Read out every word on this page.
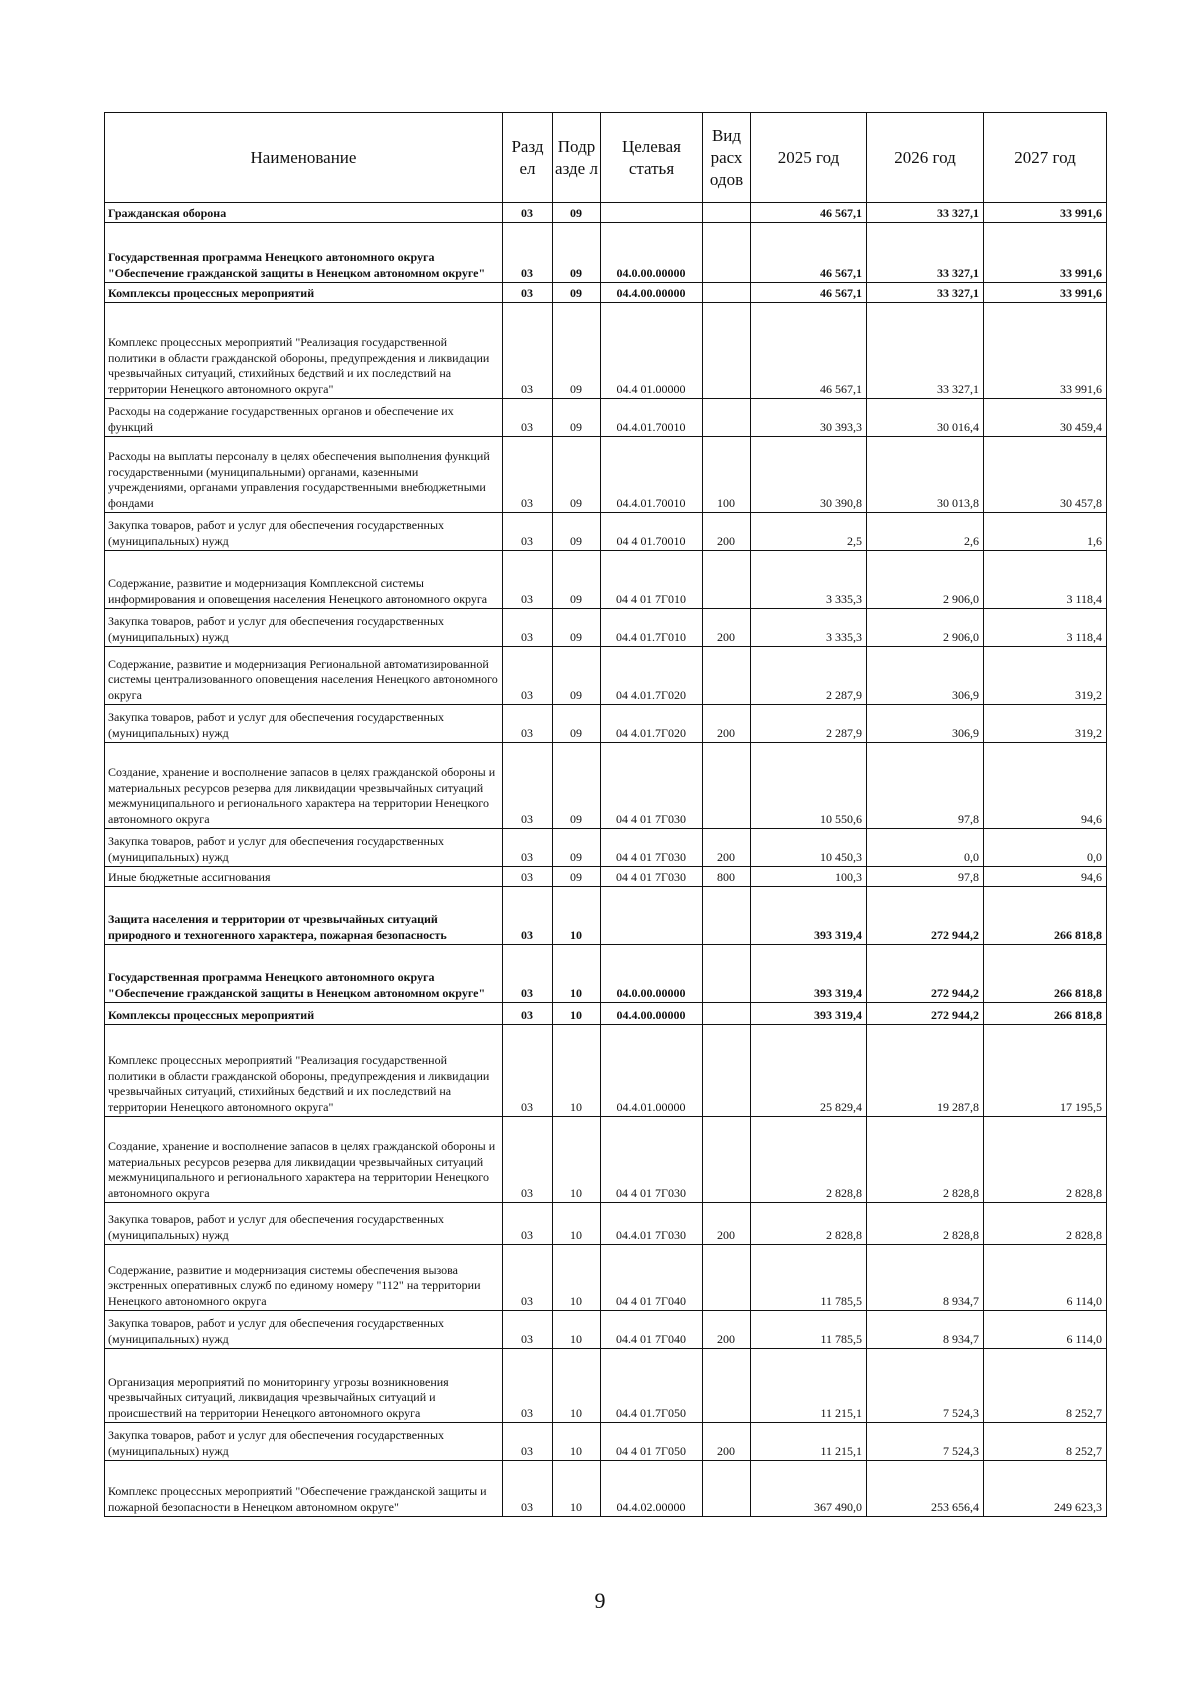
Наименование	Разд ел	Подр азде л	Целевая статья	Вид расх одов	2025 год	2026 год	2027 год
Гражданская оборона	03	09			46 567,1	33 327,1	33 991,6
Государственная программа Ненецкого автономного округа "Обеспечение гражданской защиты в Ненецком автономном округе"	03	09	04.0.00.00000		46 567,1	33 327,1	33 991,6
Комплексы процессных мероприятий	03	09	04.4.00.00000		46 567,1	33 327,1	33 991,6
Комплекс процессных мероприятий "Реализация государственной политики в области гражданской обороны, предупреждения и ликвидации чрезвычайных ситуаций, стихийных бедствий и их последствий на территории Ненецкого автономного округа"	03	09	04.4 01.00000		46 567,1	33 327,1	33 991,6
Расходы на содержание государственных органов и обеспечение их функций	03	09	04.4.01.70010		30 393,3	30 016,4	30 459,4
Расходы на выплаты персоналу в целях обеспечения выполнения функций государственными (муниципальными) органами, казенными учреждениями, органами управления государственными внебюджетными фондами	03	09	04.4.01.70010	100	30 390,8	30 013,8	30 457,8
Закупка товаров, работ и услуг для обеспечения государственных (муниципальных) нужд	03	09	04 4 01.70010	200	2,5	2,6	1,6
Содержание, развитие и модернизация Комплексной системы информирования и оповещения населения Ненецкого автономного округа	03	09	04 4 01 7Г010		3 335,3	2 906,0	3 118,4
Закупка товаров, работ и услуг для обеспечения государственных (муниципальных) нужд	03	09	04.4 01.7Г010	200	3 335,3	2 906,0	3 118,4
Содержание, развитие и модернизация Региональной автоматизированной системы централизованного оповещения населения Ненецкого автономного округа	03	09	04 4.01.7Г020		2 287,9	306,9	319,2
Закупка товаров, работ и услуг для обеспечения государственных (муниципальных) нужд	03	09	04 4.01.7Г020	200	2 287,9	306,9	319,2
Создание, хранение и восполнение запасов в целях гражданской обороны и материальных ресурсов резерва для ликвидации чрезвычайных ситуаций межмуниципального и регионального характера на территории Ненецкого автономного округа	03	09	04 4 01 7Г030		10 550,6	97,8	94,6
Закупка товаров, работ и услуг для обеспечения государственных (муниципальных) нужд	03	09	04 4 01 7Г030	200	10 450,3	0,0	0,0
Иные бюджетные ассигнования	03	09	04 4 01 7Г030	800	100,3	97,8	94,6
Защита населения и территории от чрезвычайных ситуаций природного и техногенного характера, пожарная безопасность	03	10			393 319,4	272 944,2	266 818,8
Государственная программа Ненецкого автономного округа "Обеспечение гражданской защиты в Ненецком автономном округе"	03	10	04.0.00.00000		393 319,4	272 944,2	266 818,8
Комплексы процессных мероприятий	03	10	04.4.00.00000		393 319,4	272 944,2	266 818,8
Комплекс процессных мероприятий "Реализация государственной политики в области гражданской обороны, предупреждения и ликвидации чрезвычайных ситуаций, стихийных бедствий и их последствий на территории Ненецкого автономного округа"	03	10	04.4.01.00000		25 829,4	19 287,8	17 195,5
Создание, хранение и восполнение запасов в целях гражданской обороны и материальных ресурсов резерва для ликвидации чрезвычайных ситуаций межмуниципального и регионального характера на территории Ненецкого автономного округа	03	10	04 4 01 7Г030		2 828,8	2 828,8	2 828,8
Закупка товаров, работ и услуг для обеспечения государственных (муниципальных) нужд	03	10	04.4.01 7Г030	200	2 828,8	2 828,8	2 828,8
Содержание, развитие и модернизация системы обеспечения вызова экстренных оперативных служб по единому номеру "112" на территории Ненецкого автономного округа	03	10	04 4 01 7Г040		11 785,5	8 934,7	6 114,0
Закупка товаров, работ и услуг для обеспечения государственных (муниципальных) нужд	03	10	04.4 01 7Г040	200	11 785,5	8 934,7	6 114,0
Организация мероприятий по мониторингу угрозы возникновения чрезвычайных ситуаций, ликвидация чрезвычайных ситуаций и происшествий на территории Ненецкого автономного округа	03	10	04.4 01.7Г050		11 215,1	7 524,3	8 252,7
Закупка товаров, работ и услуг для обеспечения государственных (муниципальных) нужд	03	10	04 4 01 7Г050	200	11 215,1	7 524,3	8 252,7
Комплекс процессных мероприятий "Обеспечение гражданской защиты и пожарной безопасности в Ненецком автономном округе"	03	10	04.4.02.00000		367 490,0	253 656,4	249 623,3
9
